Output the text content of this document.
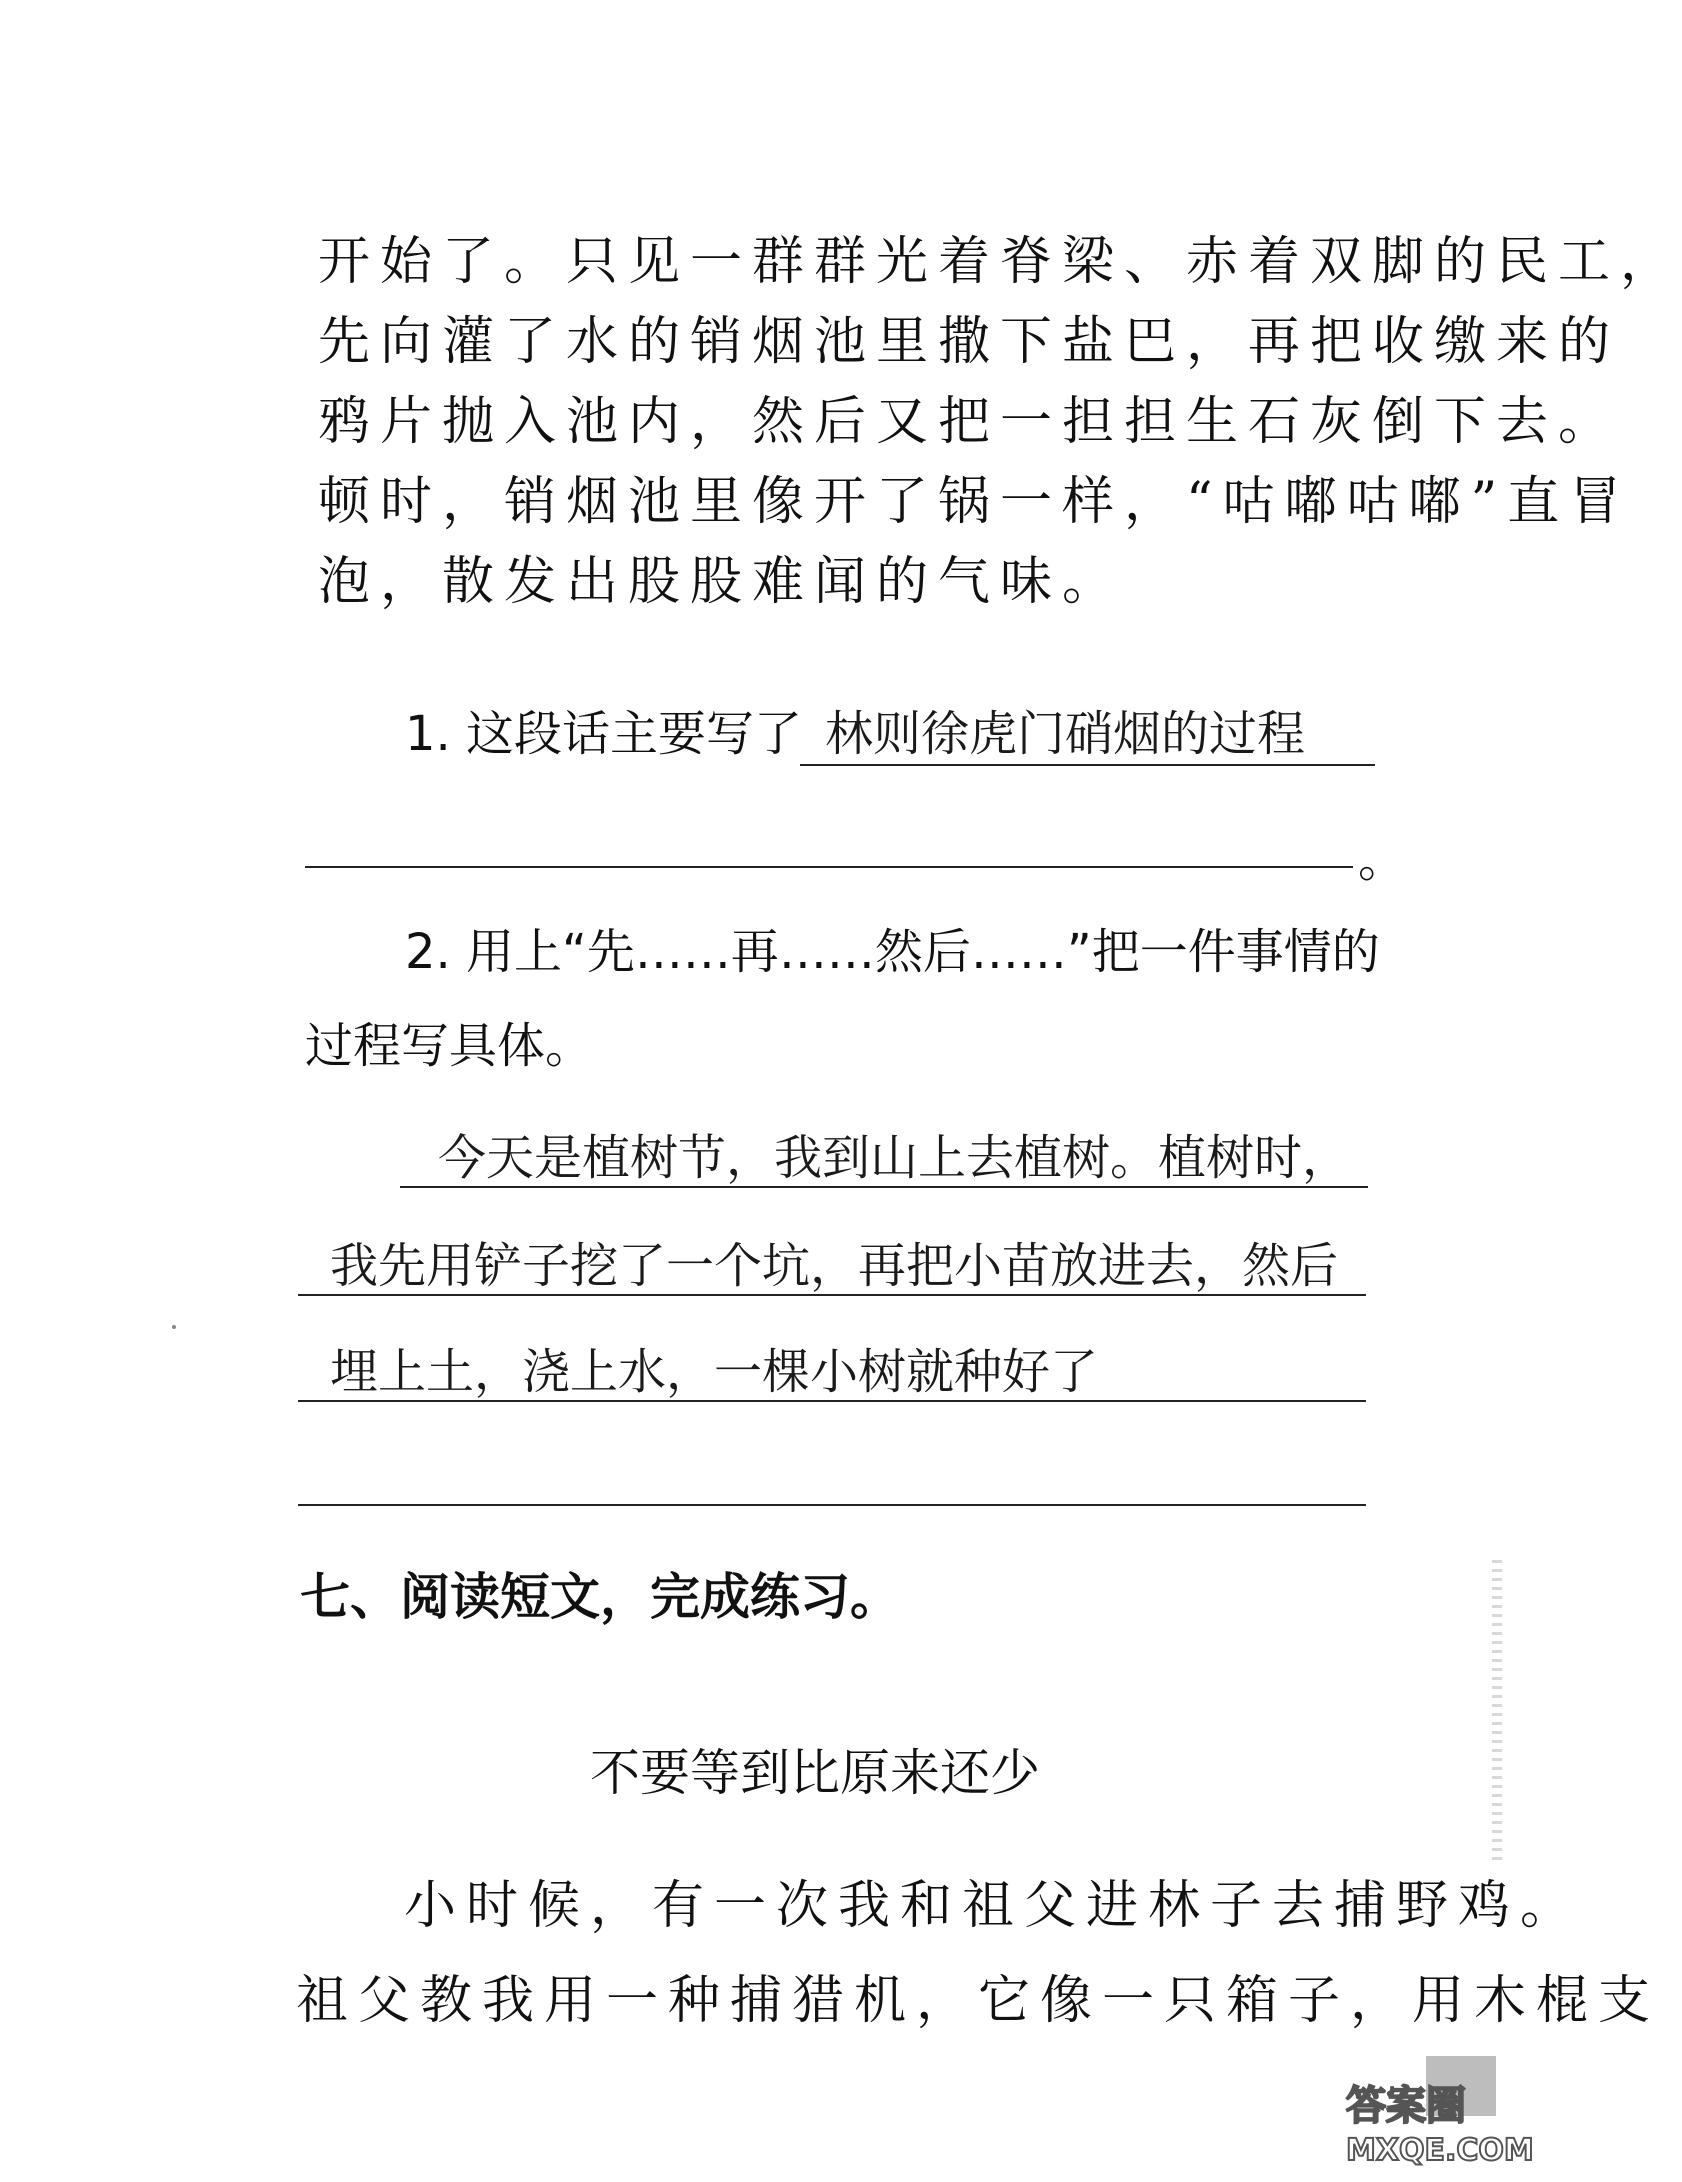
开始了。只见一群群光着脊梁、赤着双脚的民工，
先向灌了水的销烟池里撒下盐巴，再把收缴来的
鸦片抛入池内，然后又把一担担生石灰倒下去。
顿时，销烟池里像开了锅一样，“咕嘟咕嘟”直冒
泡，散发出股股难闻的气味。
1. 这段话主要写了 林则徐虎门硝烟的过程
。
2. 用上“先……再……然后……”把一件事情的
过程写具体。
今天是植树节，我到山上去植树。植树时，
我先用铲子挖了一个坑，再把小苗放进去，然后
埋上土，浇上水，一棵小树就种好了
七、阅读短文，完成练习。
不要等到比原来还少
小时候，有一次我和祖父进林子去捕野鸡。
祖父教我用一种捕猎机，它像一只箱子，用木棍支
答案圈
MXQE.COM
